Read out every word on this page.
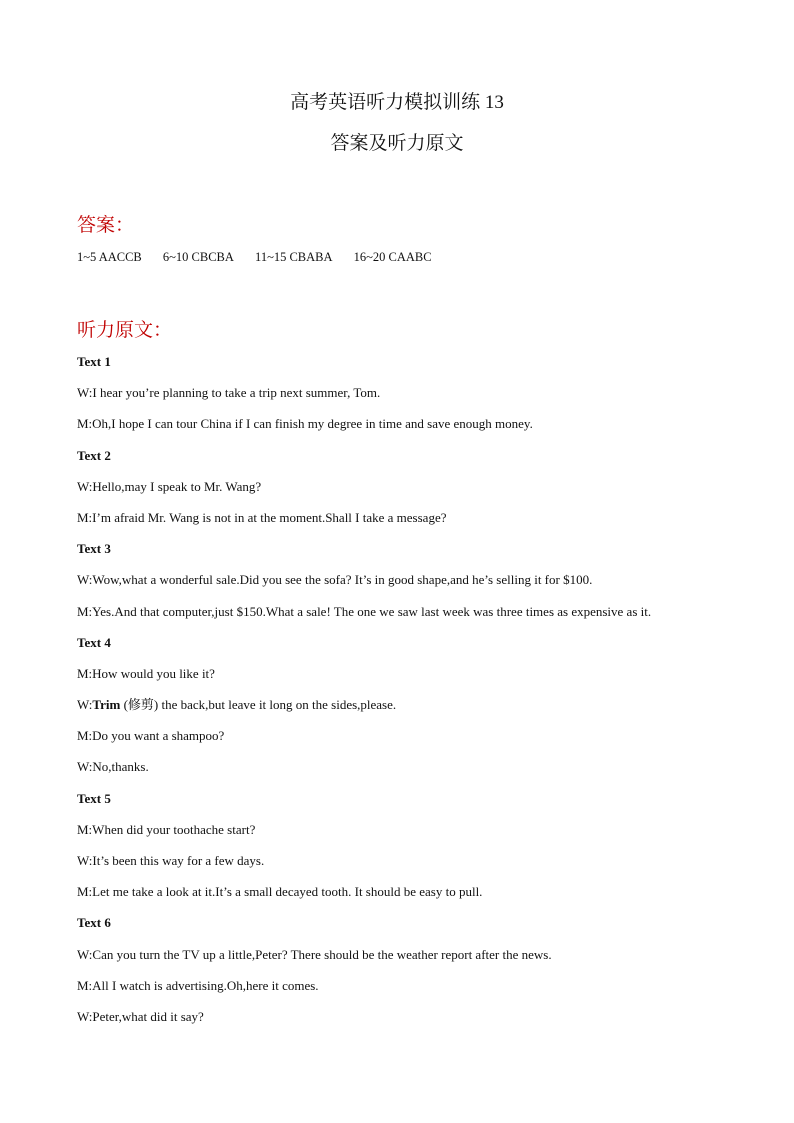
高考英语听力模拟训练 13
答案及听力原文
答案：
1~5 AACCB 6~10 CBCBA 11~15 CBABA 16~20 CAABC
听力原文：

Text 1

W:I hear you’re planning to take a trip next summer, Tom.

M:Oh,I hope I can tour China if I can finish my degree in time and save enough money.

Text 2

W:Hello,may I speak to Mr. Wang?

M:I’m afraid Mr. Wang is not in at the moment.Shall I take a message?

Text 3

W:Wow,what a wonderful sale.Did you see the sofa? It’s in good shape,and he’s selling it for $100.

M:Yes.And that computer,just $150.What a sale! The one we saw last week was three times as expensive as it.

Text 4

M:How would you like it?

W:Trim (修剪) the back,but leave it long on the sides,please.

M:Do you want a shampoo?

W:No,thanks.

Text 5

M:When did your toothache start?

W:It’s been this way for a few days.

M:Let me take a look at it.It’s a small decayed tooth. It should be easy to pull.

Text 6

W:Can you turn the TV up a little,Peter? There should be the weather report after the news.

M:All I watch is advertising.Oh,here it comes.

W:Peter,what did it say?
